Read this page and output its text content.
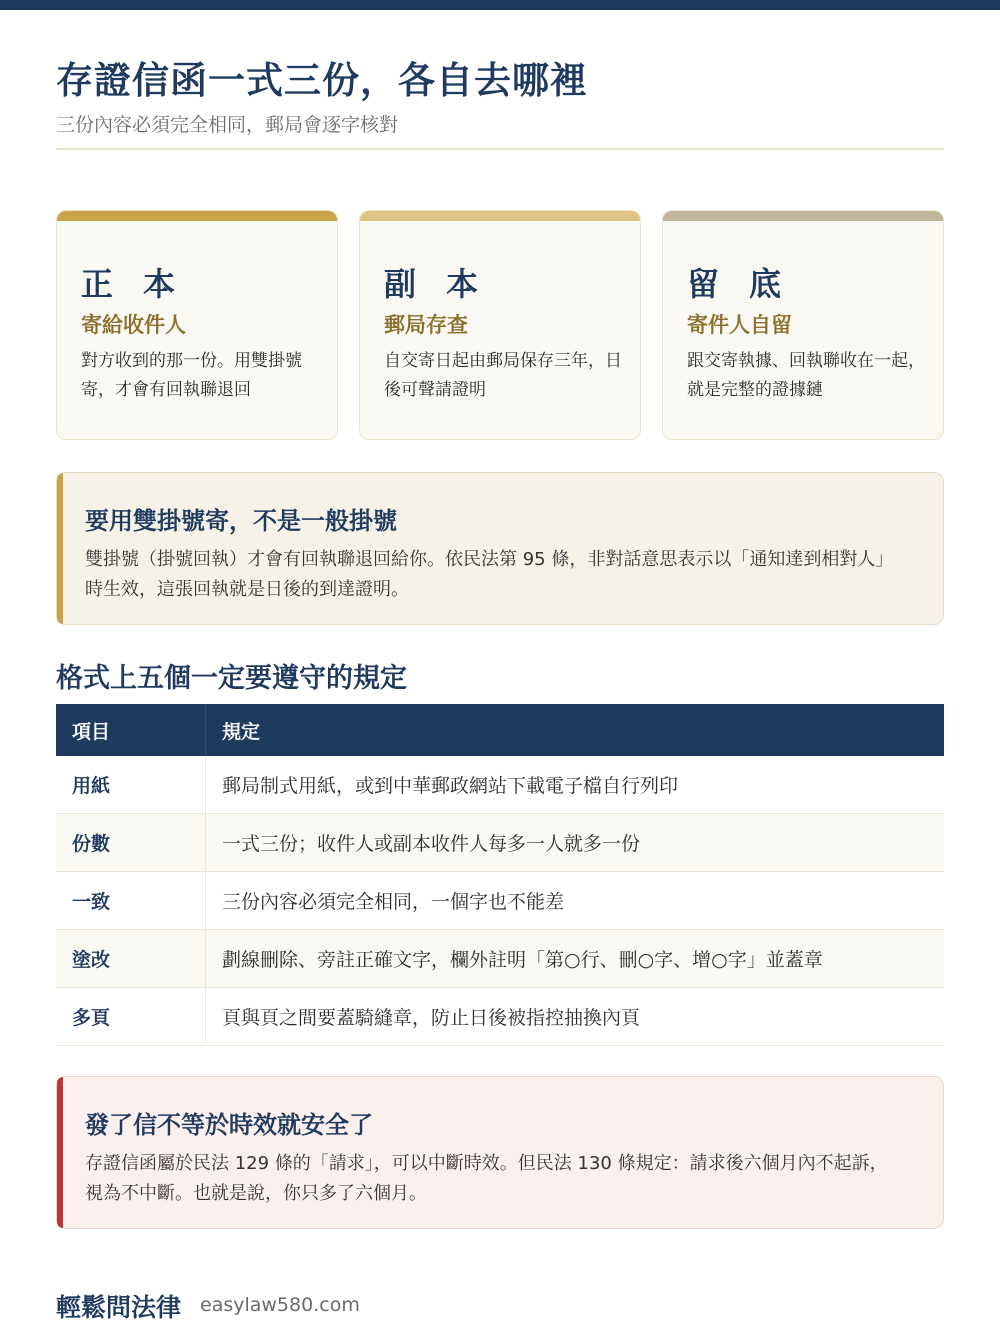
存證信函一式三份，各自去哪裡
三份內容必須完全相同，郵局會逐字核對
正本
寄給收件人
對方收到的那一份。用雙掛號寄，才會有回執聯退回
副本
郵局存查
自交寄日起由郵局保存三年，日後可聲請證明
留底
寄件人自留
跟交寄執據、回執聯收在一起，就是完整的證據鏈
要用雙掛號寄，不是一般掛號
雙掛號（掛號回執）才會有回執聯退回給你。依民法第 95 條，非對話意思表示以「通知達到相對人」時生效，這張回執就是日後的到達證明。
格式上五個一定要遵守的規定
項目	規定
用紙	郵局制式用紙，或到中華郵政網站下載電子檔自行列印
份數	一式三份；收件人或副本收件人每多一人就多一份
一致	三份內容必須完全相同，一個字也不能差
塗改	劃線刪除、旁註正確文字，欄外註明「第○行、刪○字、增○字」並蓋章
多頁	頁與頁之間要蓋騎縫章，防止日後被指控抽換內頁
發了信不等於時效就安全了
存證信函屬於民法 129 條的「請求」，可以中斷時效。但民法 130 條規定：請求後六個月內不起訴，視為不中斷。也就是說，你只多了六個月。
輕鬆問法律 easylaw580.com
